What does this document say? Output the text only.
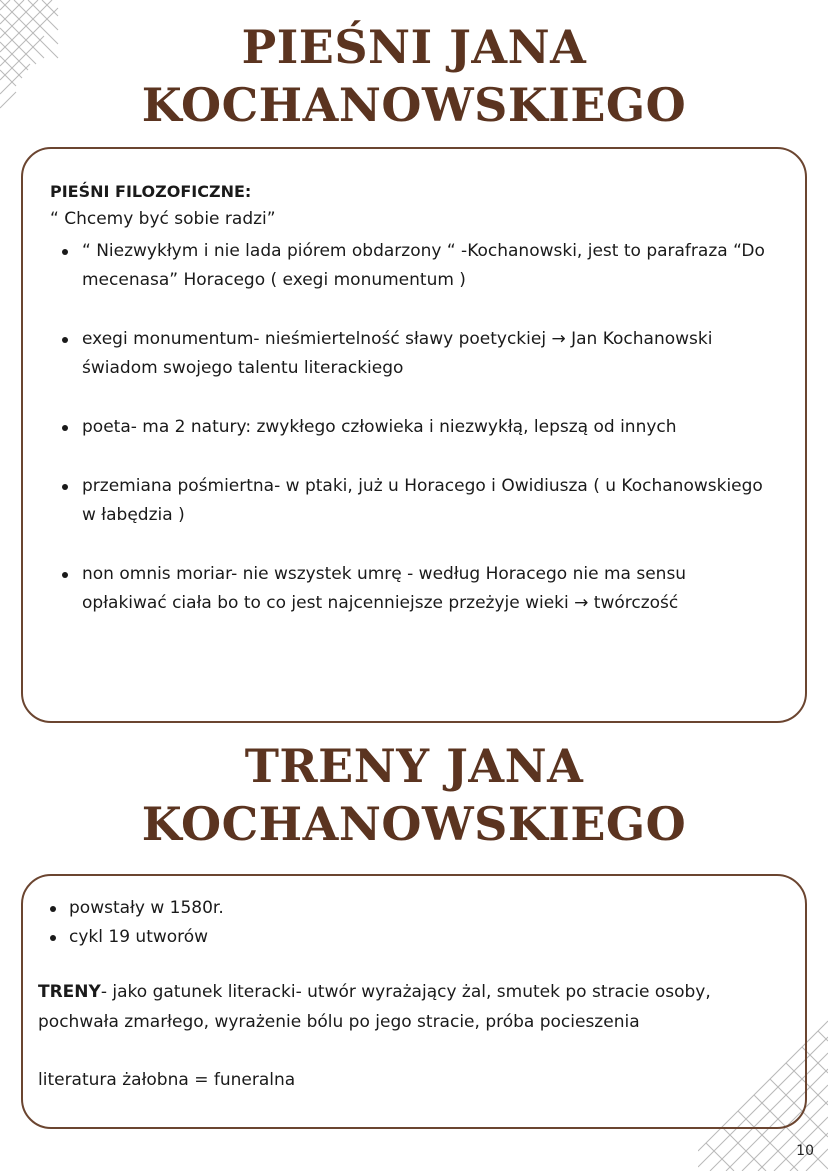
PIEŚNI JANA
KOCHANOWSKIEGO
PIEŚNI FILOZOFICZNE:
“ Chcemy być sobie radzi”
“ Niezwykłym i nie lada piórem obdarzony “ -Kochanowski, jest to parafraza “Do mecenasa” Horacego ( exegi monumentum )
exegi monumentum- nieśmiertelność sławy poetyckiej → Jan Kochanowski świadom swojego talentu literackiego
poeta- ma 2 natury: zwykłego człowieka i niezwykłą, lepszą od innych
przemiana pośmiertna- w ptaki, już u Horacego i Owidiusza ( u Kochanowskiego w łabędzia )
non omnis moriar- nie wszystek umrę - według Horacego nie ma sensu opłakiwać ciała bo to co jest najcenniejsze przeżyje wieki → twórczość
TRENY JANA
KOCHANOWSKIEGO
powstały w 1580r.
cykl 19 utworów
TRENY- jako gatunek literacki- utwór wyrażający żal, smutek po stracie osoby, pochwała zmarłego, wyrażenie bólu po jego stracie, próba pocieszenia
literatura żałobna = funeralna
10
